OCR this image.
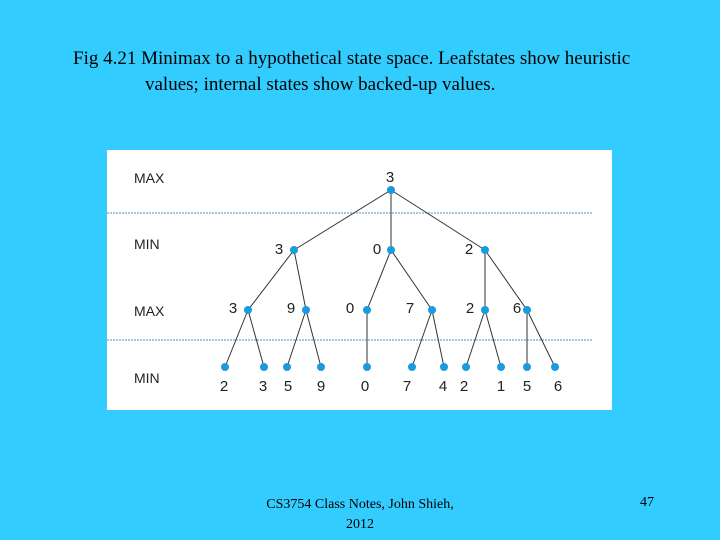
Fig 4.21 Minimax to a hypothetical state space. Leafstates show heuristic
values; internal states show backed-up values.
MAX
MIN
MAX
MIN
3
3	0	2
3	9	0	7	2	6
2 3 5 9 0 7 4 2 1 5 6
CS3754 Class Notes, John Shieh,
2012
47
